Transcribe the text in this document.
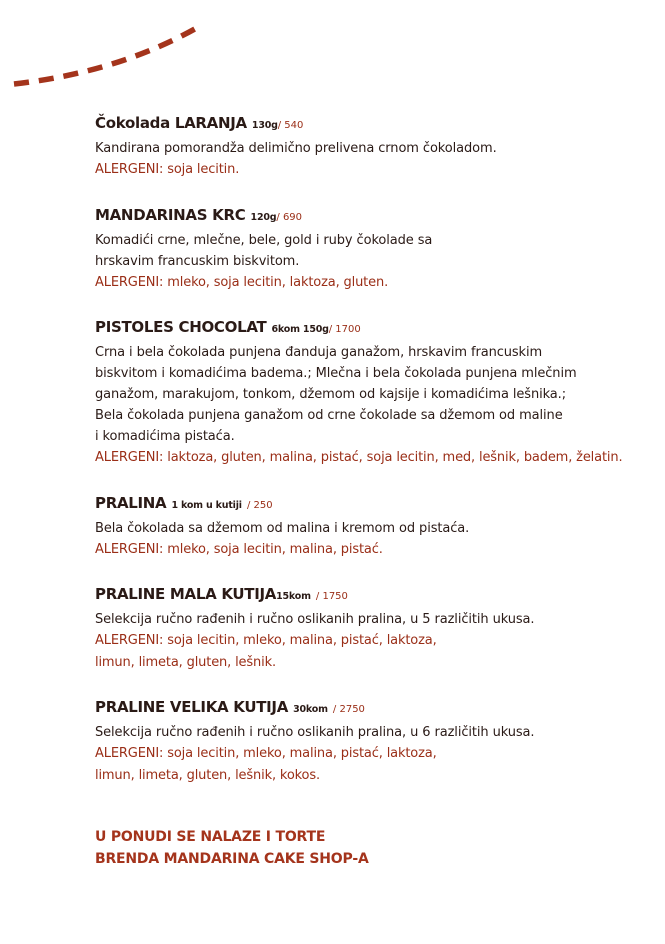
Čokolada LARANJA 130g/ 540
Kandirana pomorandža delimično prelivena crnom čokoladom.
ALERGENI: soja lecitin.
MANDARINAS KRC 120g/ 690
Komadići crne, mlečne, bele, gold i ruby čokolade sa
hrskavim francuskim biskvitom.
ALERGENI: mleko, soja lecitin, laktoza, gluten.
PISTOLES CHOCOLAT 6kom 150g/ 1700
Crna i bela čokolada punjena đanduja ganažom, hrskavim francuskim
biskvitom i komadićima badema.; Mlečna i bela čokolada punjena mlečnim
ganažom, marakujom, tonkom, džemom od kajsije i komadićima lešnika.;
Bela čokolada punjena ganažom od crne čokolade sa džemom od maline
i komadićima pistaća.
ALERGENI: laktoza, gluten, malina, pistać, soja lecitin, med, lešnik, badem, želatin.
PRALINA 1 kom u kutiji / 250
Bela čokolada sa džemom od malina i kremom od pistaća.
ALERGENI: mleko, soja lecitin, malina, pistać.
PRALINE MALA KUTIJA15kom / 1750
Selekcija ručno rađenih i ručno oslikanih pralina, u 5 različitih ukusa.
ALERGENI: soja lecitin, mleko, malina, pistać, laktoza,
limun, limeta, gluten, lešnik.
PRALINE VELIKA KUTIJA 30kom / 2750
Selekcija ručno rađenih i ručno oslikanih pralina, u 6 različitih ukusa.
ALERGENI: soja lecitin, mleko, malina, pistać, laktoza,
limun, limeta, gluten, lešnik, kokos.
U PONUDI SE NALAZE I TORTE
BRENDA MANDARINA CAKE SHOP-A
